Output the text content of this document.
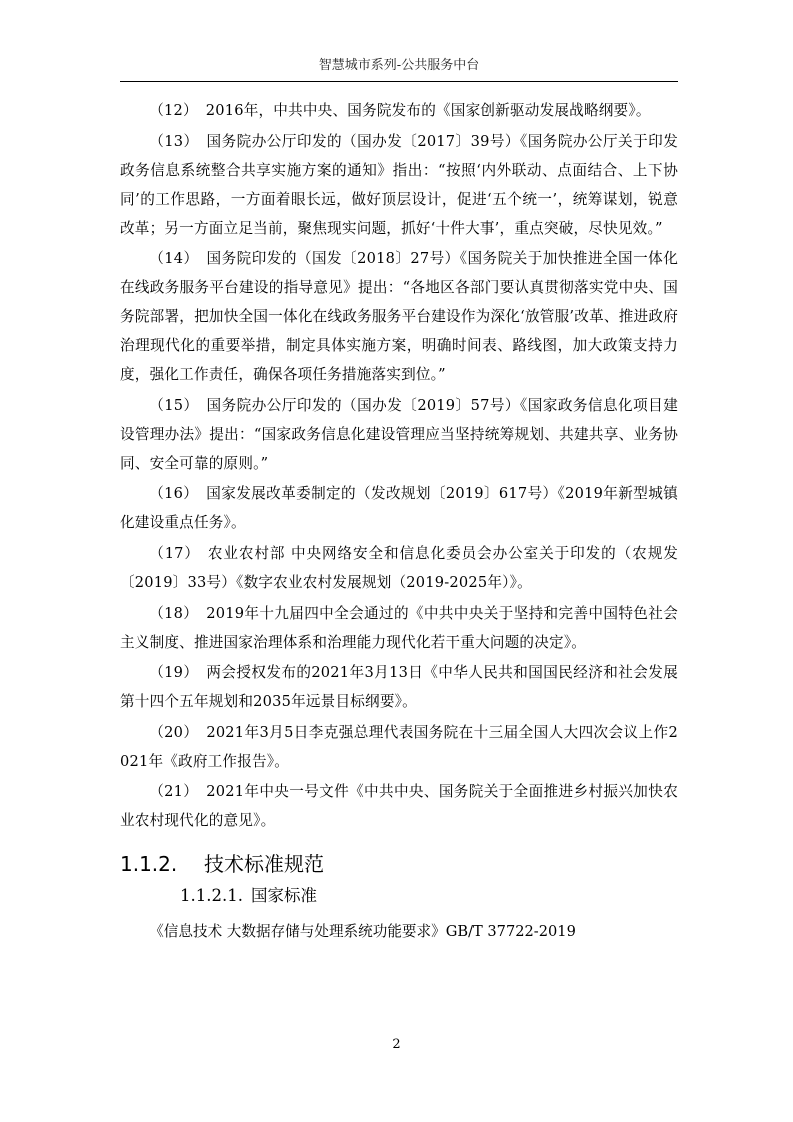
智慧城市系列-公共服务中台

（12） 2016年，中共中央、国务院发布的《国家创新驱动发展战略纲要》。

（13） 国务院办公厅印发的（国办发〔2017〕39号）《国务院办公厅关于印发政务信息系统整合共享实施方案的通知》指出：“按照‘内外联动、点面结合、上下协同’的工作思路，一方面着眼长远，做好顶层设计，促进‘五个统一’，统筹谋划，锐意改革；另一方面立足当前，聚焦现实问题，抓好‘十件大事’，重点突破，尽快见效。”

（14） 国务院印发的（国发〔2018〕27号）《国务院关于加快推进全国一体化在线政务服务平台建设的指导意见》提出：“各地区各部门要认真贯彻落实党中央、国务院部署，把加快全国一体化在线政务服务平台建设作为深化‘放管服’改革、推进政府治理现代化的重要举措，制定具体实施方案，明确时间表、路线图，加大政策支持力度，强化工作责任，确保各项任务措施落实到位。”

（15） 国务院办公厅印发的（国办发〔2019〕57号）《国家政务信息化项目建设管理办法》提出：“国家政务信息化建设管理应当坚持统筹规划、共建共享、业务协同、安全可靠的原则。”

（16） 国家发展改革委制定的（发改规划〔2019〕617号）《2019年新型城镇化建设重点任务》。

（17） 农业农村部 中央网络安全和信息化委员会办公室关于印发的（农规发〔2019〕33号）《数字农业农村发展规划（2019-2025年）》。

（18） 2019年十九届四中全会通过的《中共中央关于坚持和完善中国特色社会主义制度、推进国家治理体系和治理能力现代化若干重大问题的决定》。

（19） 两会授权发布的2021年3月13日《中华人民共和国国民经济和社会发展第十四个五年规划和2035年远景目标纲要》。

（20） 2021年3月5日李克强总理代表国务院在十三届全国人大四次会议上作2021年《政府工作报告》。

（21） 2021年中央一号文件《中共中央、国务院关于全面推进乡村振兴加快农业农村现代化的意见》。

1.1.2. 技术标准规范
1.1.2.1. 国家标准

《信息技术 大数据存储与处理系统功能要求》GB/T 37722-2019

2
